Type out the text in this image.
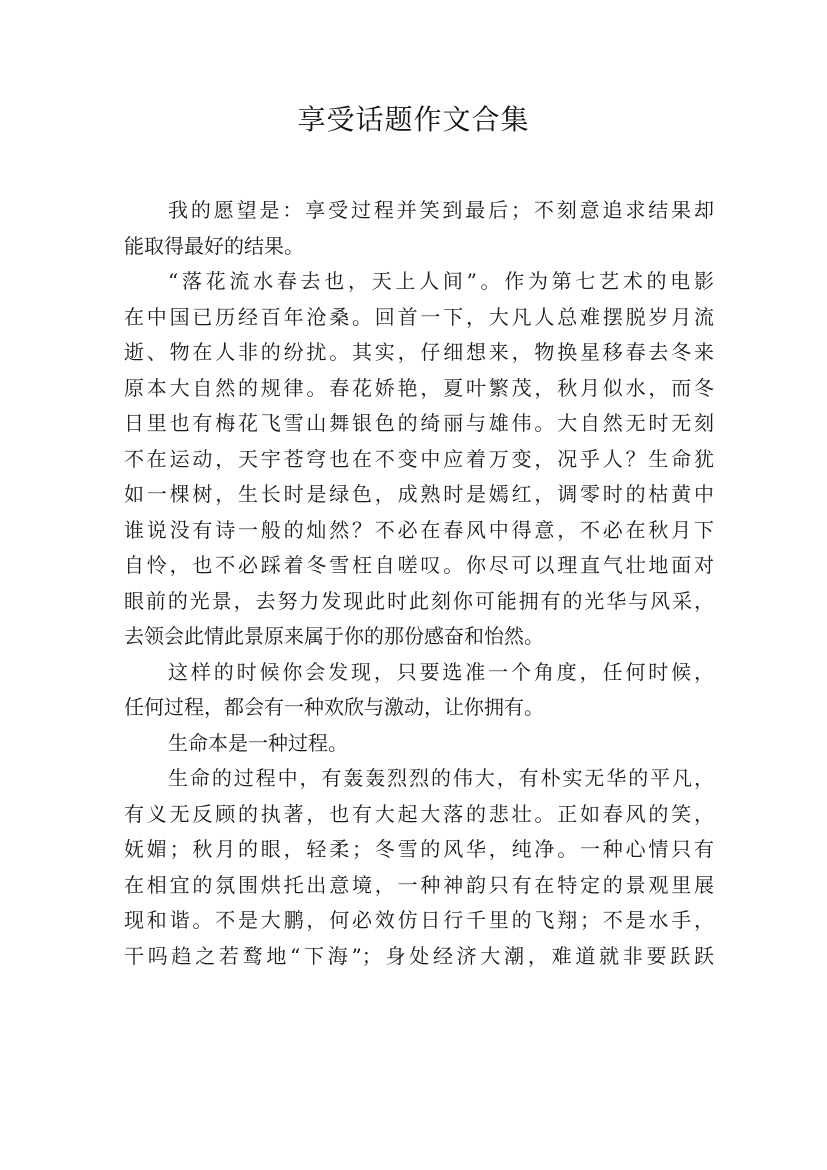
享受话题作文合集
我的愿望是：享受过程并笑到最后；不刻意追求结果却
能取得最好的结果。
“落花流水春去也，天上人间”。作为第七艺术的电影
在中国已历经百年沧桑。回首一下，大凡人总难摆脱岁月流
逝、物在人非的纷扰。其实，仔细想来，物换星移春去冬来
原本大自然的规律。春花娇艳，夏叶繁茂，秋月似水，而冬
日里也有梅花飞雪山舞银色的绮丽与雄伟。大自然无时无刻
不在运动，天宇苍穹也在不变中应着万变，况乎人？生命犹
如一棵树，生长时是绿色，成熟时是嫣红，调零时的枯黄中
谁说没有诗一般的灿然？不必在春风中得意，不必在秋月下
自怜，也不必踩着冬雪枉自嗟叹。你尽可以理直气壮地面对
眼前的光景，去努力发现此时此刻你可能拥有的光华与风采，
去领会此情此景原来属于你的那份感奋和怡然。
这样的时候你会发现，只要选准一个角度，任何时候，
任何过程，都会有一种欢欣与激动，让你拥有。
生命本是一种过程。
生命的过程中，有轰轰烈烈的伟大，有朴实无华的平凡，
有义无反顾的执著，也有大起大落的悲壮。正如春风的笑，
妩媚；秋月的眼，轻柔；冬雪的风华，纯净。一种心情只有
在相宜的氛围烘托出意境，一种神韵只有在特定的景观里展
现和谐。不是大鹏，何必效仿日行千里的飞翔；不是水手，
干吗趋之若鹜地“下海”；身处经济大潮，难道就非要跃跃
